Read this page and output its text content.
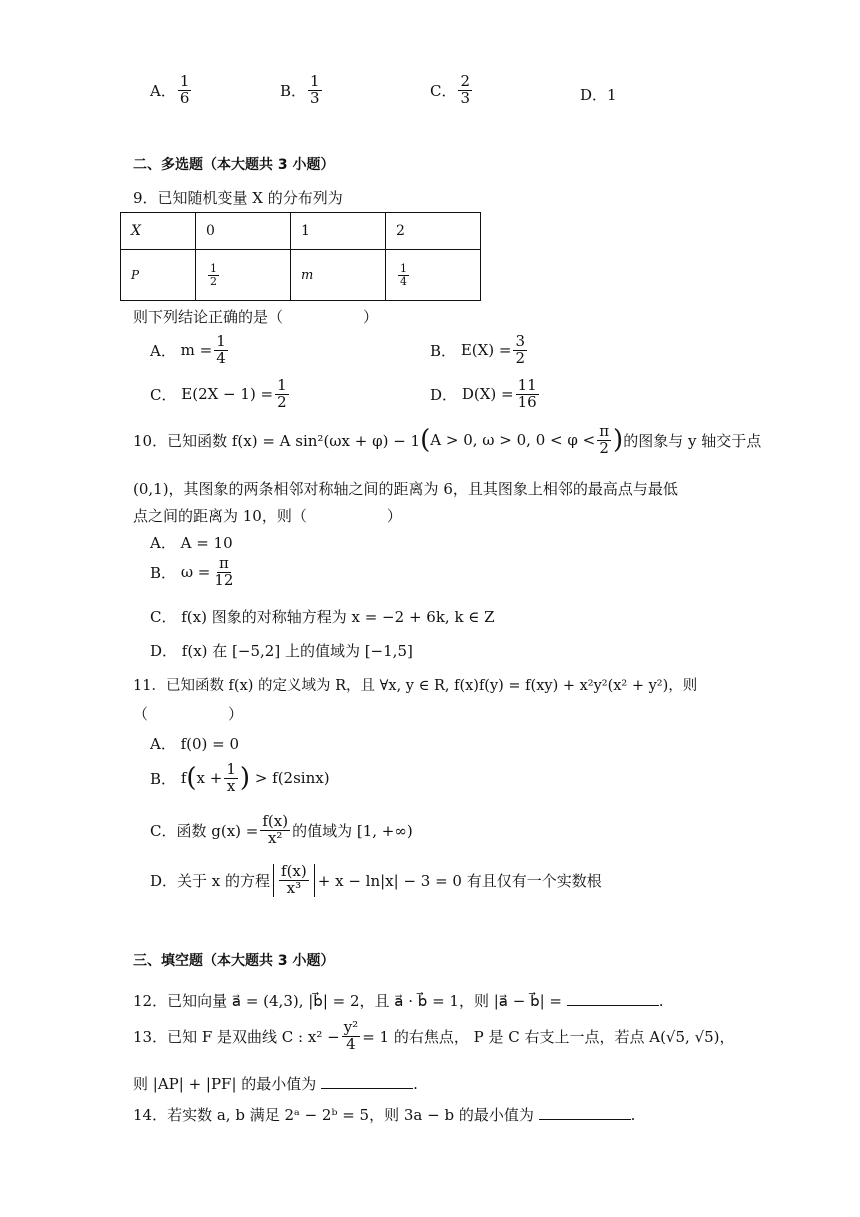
A． $\frac{1}{6}$	B． $\frac{1}{3}$	C． $\frac{2}{3}$	D． 1
二、多选题（本大题共 3 小题）
9．已知随机变量 X 的分布列为
X	0	1	2
P	$\frac{1}{2}$	m	$\frac{1}{4}$
则下列结论正确的是（	）
A．
$m = \frac{1}{4}$	B．
$E(X) = \frac{3}{2}$
C．
$E(2X - 1) = \frac{1}{2}$	D．
$D(X) = \frac{11}{16}$
10．已知函数 f(x) = A sin²(ωx + φ) − 1 ( A > 0, ω > 0, $0 < \varphi < \frac{\pi}{2}$ ) 的图象与 y 轴交于点
(0,1)，其图象的两条相邻对称轴之间的距离为 6，且其图象上相邻的最高点与最低
点之间的距离为 10，则（	）
A． A = 10
B．
$\omega = \frac{\pi}{12}$
C． f(x) 图象的对称轴方程为 x = −2 + 6k, k ∈ Z
D． f(x) 在 [−5,2] 上的值域为 [−1,5]
11．已知函数 f(x) 的定义域为 R，且 ∀x, y ∈ R, f(x)f(y) = f(xy) + x²y²(x² + y²)，则
（	）
A． f(0) = 0
B．
f ( $x + \frac{1}{x}$ )
> f(2sinx)
C．函数 $g(x) = \frac{f(x)}{\text{x²}}$ 的值域为 [1, +∞)
D．关于 x 的方程 $\frac{f(x)}{\text{x³}} + x - \ln|x| - 3 = 0$ 有且仅有一个实数根
三、填空题（本大题共 3 小题）
12．已知向量 a⃗ = (4,3), |b⃗| = 2，且 a⃗ · b⃗ = 1，则 |a⃗ − b⃗| =	.
13．已知 F 是双曲线 C : $x^2 - \frac{\text{y²}}{4} = 1$ 的右焦点， P 是 C 右支上一点，若点 A(√5, √5)，
则 |AP| + |PF| 的最小值为	.
14．若实数 a, b 满足 2ᵃ − 2ᵇ = 5，则 3a − b 的最小值为	.
